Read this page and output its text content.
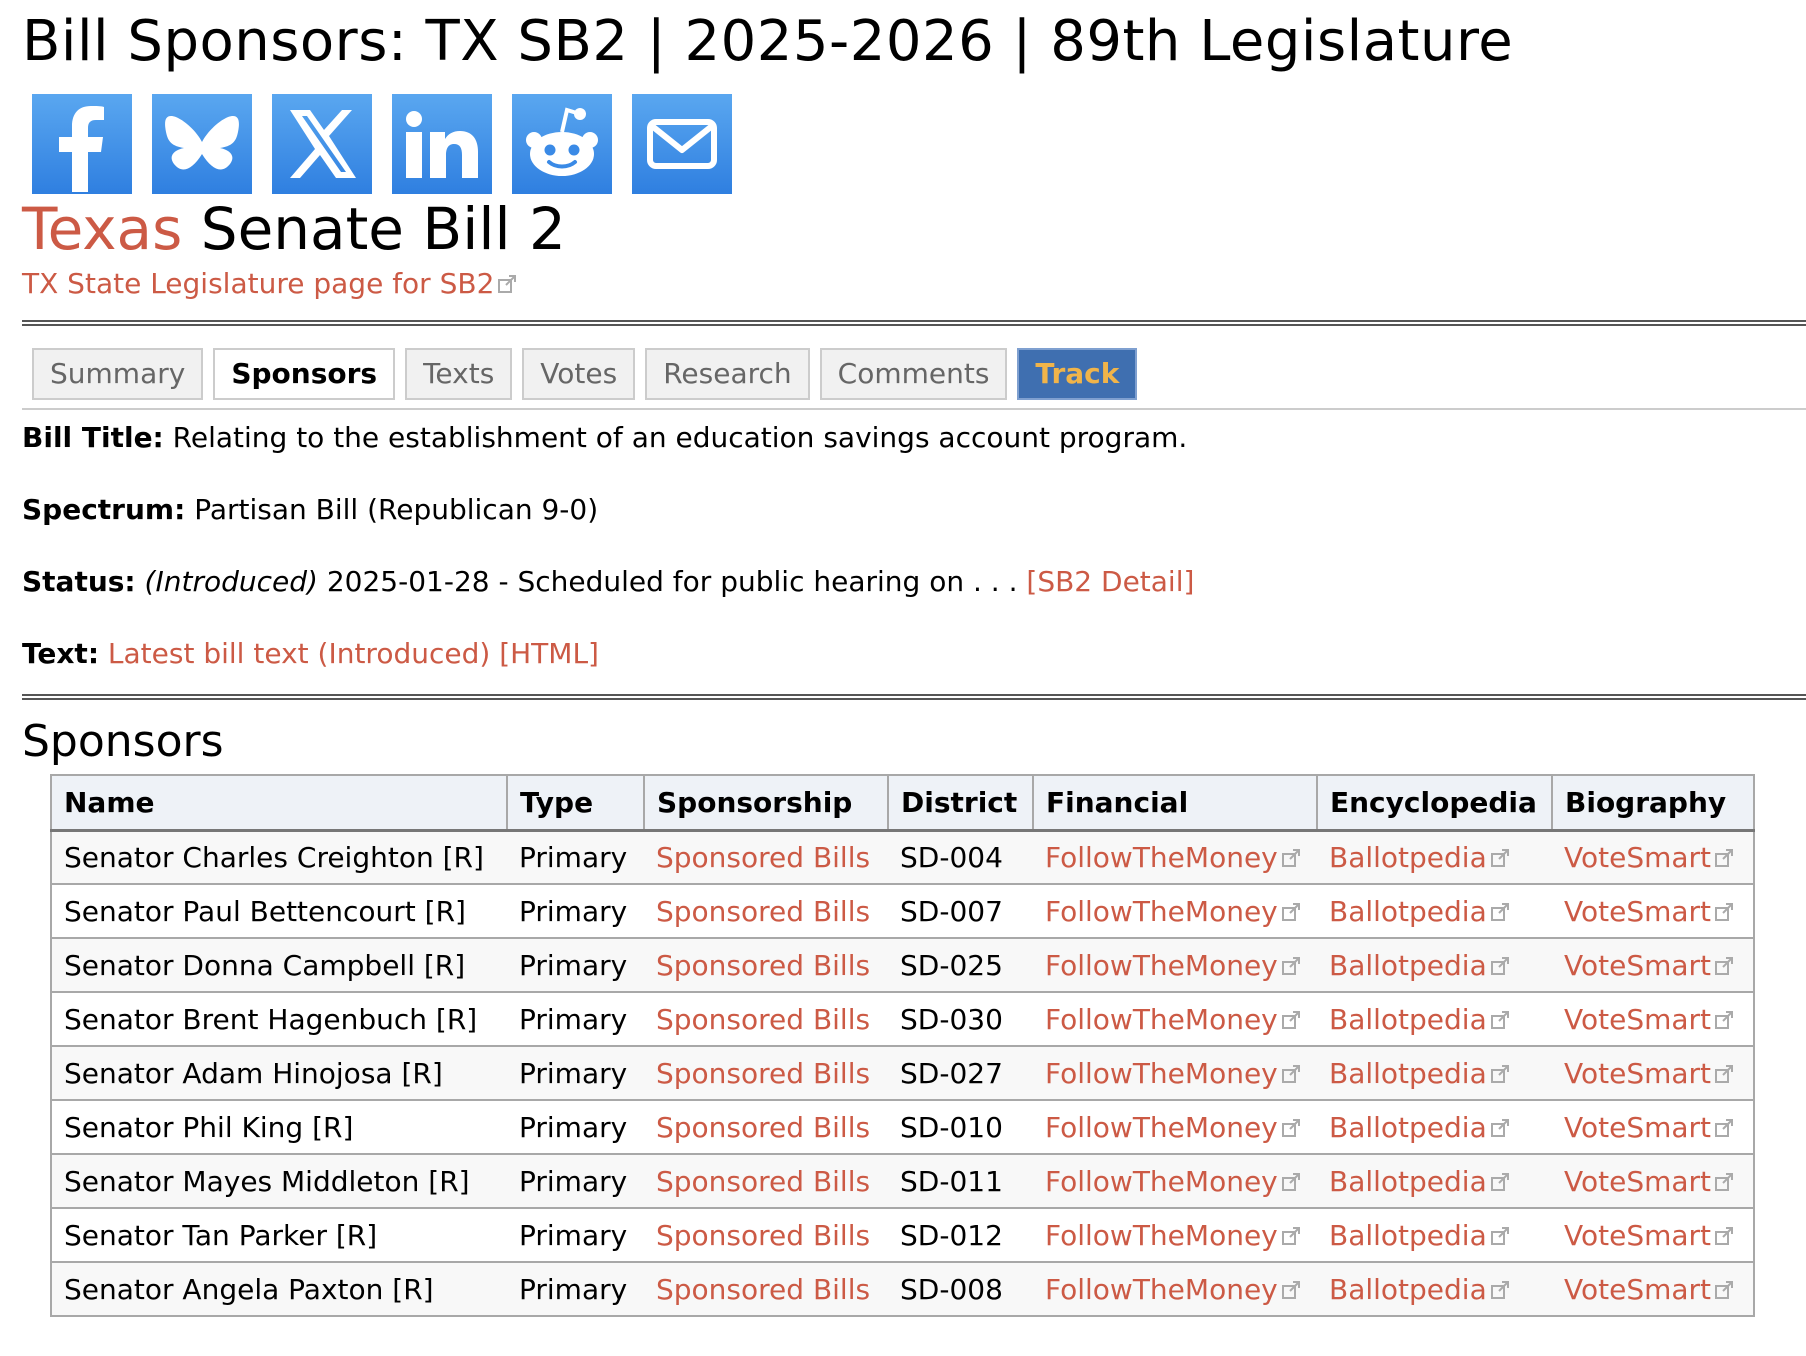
Bill Sponsors: TX SB2 | 2025-2026 | 89th Legislature
Texas Senate Bill 2
TX State Legislature page for SB2
Summary	Sponsors	Texts	Votes	Research	Comments	Track
Bill Title: Relating to the establishment of an education savings account program.
Spectrum: Partisan Bill (Republican 9-0)
Status: (Introduced) 2025-01-28 - Scheduled for public hearing on . . . [SB2 Detail]
Text: Latest bill text (Introduced) [HTML]
Sponsors
Name	Type	Sponsorship	District	Financial	Encyclopedia	Biography
Senator Charles Creighton [R]	Primary	Sponsored Bills	SD-004	FollowTheMoney	Ballotpedia	VoteSmart
Senator Paul Bettencourt [R]	Primary	Sponsored Bills	SD-007	FollowTheMoney	Ballotpedia	VoteSmart
Senator Donna Campbell [R]	Primary	Sponsored Bills	SD-025	FollowTheMoney	Ballotpedia	VoteSmart
Senator Brent Hagenbuch [R]	Primary	Sponsored Bills	SD-030	FollowTheMoney	Ballotpedia	VoteSmart
Senator Adam Hinojosa [R]	Primary	Sponsored Bills	SD-027	FollowTheMoney	Ballotpedia	VoteSmart
Senator Phil King [R]	Primary	Sponsored Bills	SD-010	FollowTheMoney	Ballotpedia	VoteSmart
Senator Mayes Middleton [R]	Primary	Sponsored Bills	SD-011	FollowTheMoney	Ballotpedia	VoteSmart
Senator Tan Parker [R]	Primary	Sponsored Bills	SD-012	FollowTheMoney	Ballotpedia	VoteSmart
Senator Angela Paxton [R]	Primary	Sponsored Bills	SD-008	FollowTheMoney	Ballotpedia	VoteSmart
